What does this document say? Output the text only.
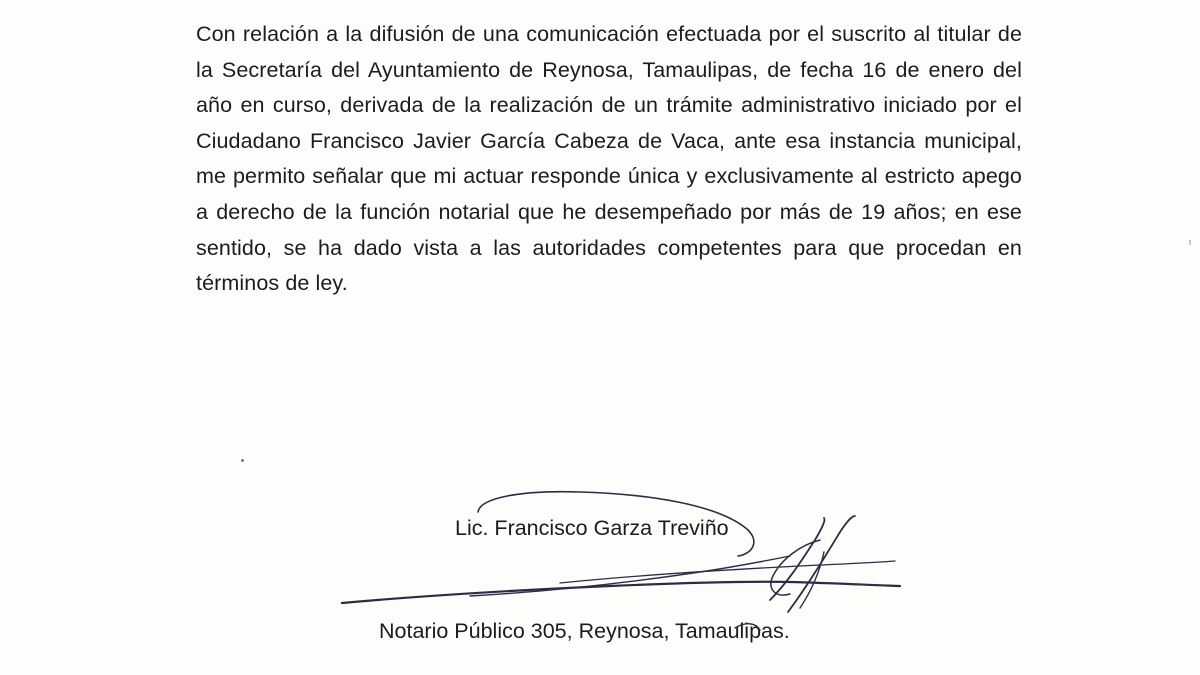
Con relación a la difusión de una comunicación efectuada por el suscrito al titular de la Secretaría del Ayuntamiento de Reynosa, Tamaulipas, de fecha 16 de enero del año en curso, derivada de la realización de un trámite administrativo iniciado por el Ciudadano Francisco Javier García Cabeza de Vaca, ante esa instancia municipal, me permito señalar que mi actuar responde única y exclusivamente al estricto apego a derecho de la función notarial que he desempeñado por más de 19 años; en ese sentido, se ha dado vista a las autoridades competentes para que procedan en términos de ley.

Lic. Francisco Garza Treviño

Notario Público 305, Reynosa, Tamaulipas.
